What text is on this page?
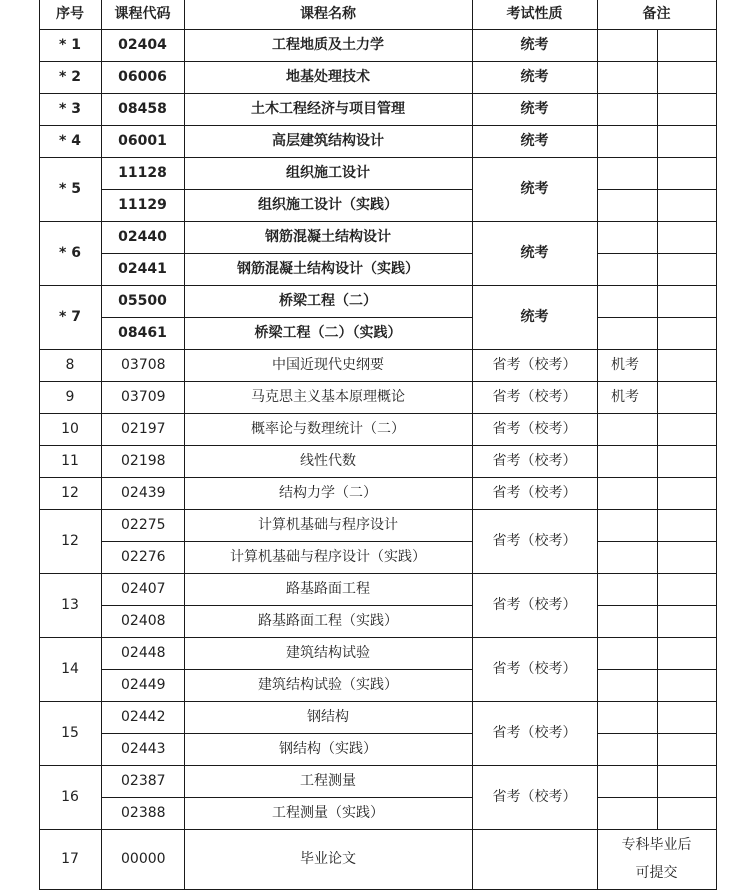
序号	课程代码	课程名称	考试性质	备注
* 1	02404	工程地质及土力学	统考
* 2	06006	地基处理技术	统考
* 3	08458	土木工程经济与项目管理	统考
* 4	06001	高层建筑结构设计	统考
* 5
11128	组织施工设计
11129	组织施工设计（实践）
统考
* 6
02440	钢筋混凝土结构设计
02441	钢筋混凝土结构设计（实践）
统考
* 7
05500	桥梁工程（二）
08461	桥梁工程（二）（实践）
统考
8	03708	中国近现代史纲要	省考（校考）	机考
9	03709	马克思主义基本原理概论	省考（校考）	机考
10	02197	概率论与数理统计（二）	省考（校考）
11	02198	线性代数	省考（校考）
12	02439	结构力学（二）	省考（校考）
12
02275	计算机基础与程序设计
02276	计算机基础与程序设计（实践）
省考（校考）
13
02407	路基路面工程
02408	路基路面工程（实践）
省考（校考）
14
02448	建筑结构试验
02449	建筑结构试验（实践）
省考（校考）
15
02442	钢结构
02443	钢结构（实践）
省考（校考）
16
02387	工程测量
02388	工程测量（实践）
省考（校考）
17	00000	毕业论文
专科毕业后
可提交
